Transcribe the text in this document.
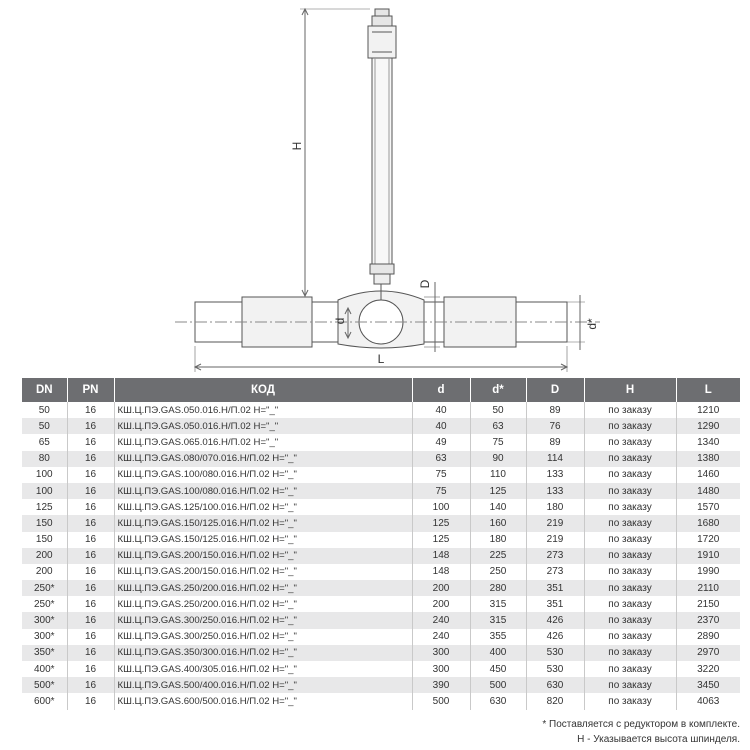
H
D
d	d*
L
DN	PN	КОД	d	d*	D	H	L
50	16	КШ.Ц.ПЭ.GAS.050.016.Н/П.02 Н="_"	40	50	89	по заказу	1210
50	16	КШ.Ц.ПЭ.GAS.050.016.Н/П.02 Н="_"	40	63	76	по заказу	1290
65	16	КШ.Ц.ПЭ.GAS.065.016.Н/П.02 Н="_"	49	75	89	по заказу	1340
80	16	КШ.Ц.ПЭ.GAS.080/070.016.Н/П.02 Н="_"	63	90	114	по заказу	1380
100	16	КШ.Ц.ПЭ.GAS.100/080.016.Н/П.02 Н="_"	75	110	133	по заказу	1460
100	16	КШ.Ц.ПЭ.GAS.100/080.016.Н/П.02 Н="_"	75	125	133	по заказу	1480
125	16	КШ.Ц.ПЭ.GAS.125/100.016.Н/П.02 Н="_"	100	140	180	по заказу	1570
150	16	КШ.Ц.ПЭ.GAS.150/125.016.Н/П.02 Н="_"	125	160	219	по заказу	1680
150	16	КШ.Ц.ПЭ.GAS.150/125.016.Н/П.02 Н="_"	125	180	219	по заказу	1720
200	16	КШ.Ц.ПЭ.GAS.200/150.016.Н/П.02 Н="_"	148	225	273	по заказу	1910
200	16	КШ.Ц.ПЭ.GAS.200/150.016.Н/П.02 Н="_"	148	250	273	по заказу	1990
250*	16	КШ.Ц.ПЭ.GAS.250/200.016.Н/П.02 Н="_"	200	280	351	по заказу	2110
250*	16	КШ.Ц.ПЭ.GAS.250/200.016.Н/П.02 Н="_"	200	315	351	по заказу	2150
300*	16	КШ.Ц.ПЭ.GAS.300/250.016.Н/П.02 Н="_"	240	315	426	по заказу	2370
300*	16	КШ.Ц.ПЭ.GAS.300/250.016.Н/П.02 Н="_"	240	355	426	по заказу	2890
350*	16	КШ.Ц.ПЭ.GAS.350/300.016.Н/П.02 Н="_"	300	400	530	по заказу	2970
400*	16	КШ.Ц.ПЭ.GAS.400/305.016.Н/П.02 Н="_"	300	450	530	по заказу	3220
500*	16	КШ.Ц.ПЭ.GAS.500/400.016.Н/П.02 Н="_"	390	500	630	по заказу	3450
600*	16	КШ.Ц.ПЭ.GAS.600/500.016.Н/П.02 Н="_"	500	630	820	по заказу	4063
* Поставляется с редуктором в комплекте.
Н - Указывается высота шпинделя.
